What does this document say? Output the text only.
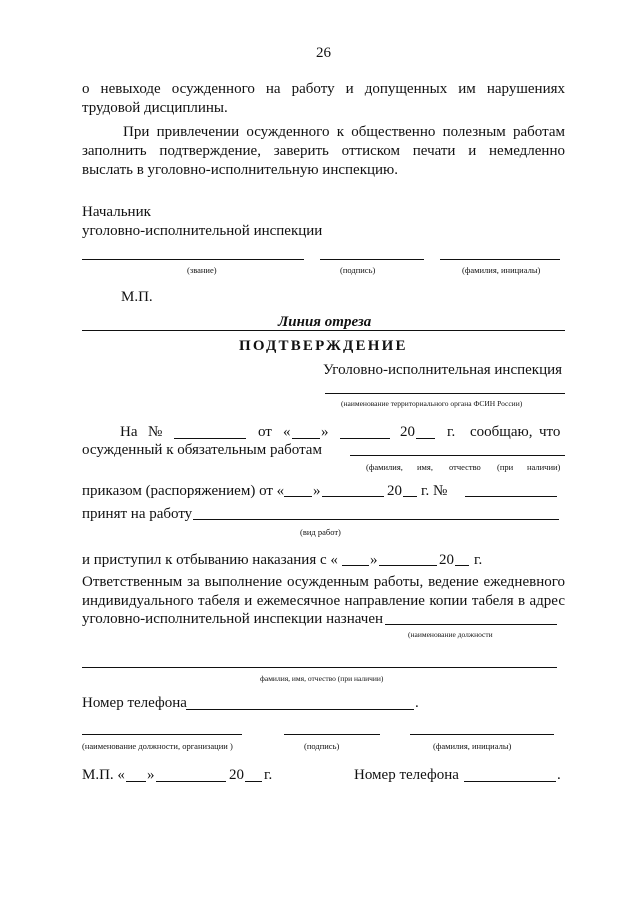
26
о невыходе осужденного на работу и допущенных им нарушениях
трудовой дисциплины.
При привлечении осужденного к общественно полезным работам
заполнить подтверждение, заверить оттиском печати и немедленно
выслать в уголовно-исполнительную инспекцию.
Начальник
уголовно-исполнительной инспекции
(звание)	(подпись)	(фамилия, инициалы)
М.П.
Линия отреза
ПОДТВЕРЖДЕНИЕ
Уголовно-исполнительная инспекция
(наименование территориального органа ФСИН России)
На №	от « »	20 г. сообщаю, что
осужденный к обязательным работам
(фамилия, имя, отчество (при наличии)
приказом (распоряжением) от « »	20 г. №
принят на работу
(вид работ)
и приступил к отбыванию наказания с « »	20 г.
Ответственным за выполнение осужденным работы, ведение ежедневного
индивидуального табеля и ежемесячное направление копии табеля в адрес
уголовно-исполнительной инспекции назначен
(наименование должности
фамилия, имя, отчество (при наличии)
Номер телефона	.
(наименование должности, организации )	(подпись)	(фамилия, инициалы)
М.П. « »	20 г.	Номер телефона	.
